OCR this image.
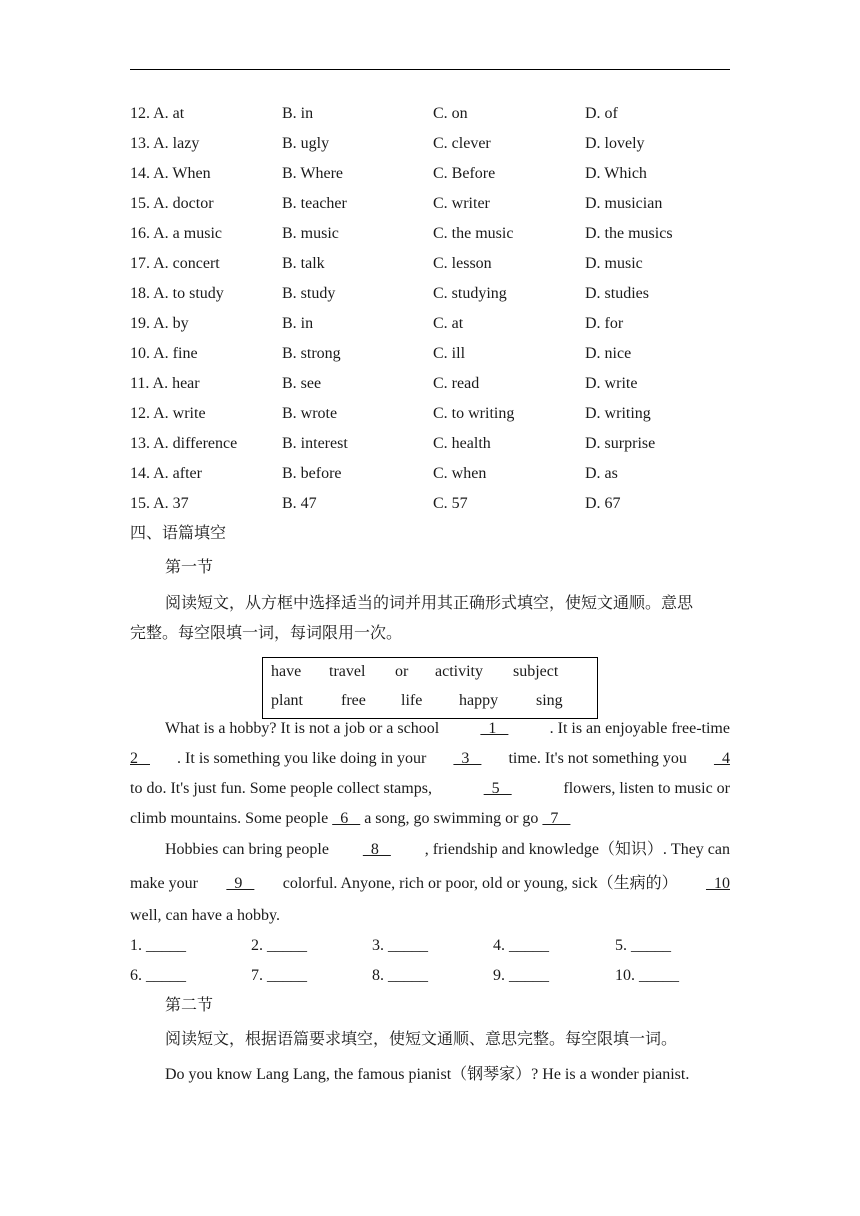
12. A. at	B. in	C. on	D. of
13. A. lazy	B. ugly	C. clever	D. lovely
14. A. When	B. Where	C. Before	D. Which
15. A. doctor	B. teacher	C. writer	D. musician
16. A. a music	B. music	C. the music	D. the musics
17. A. concert	B. talk	C. lesson	D. music
18. A. to study	B. study	C. studying	D. studies
19. A. by	B. in	C. at	D. for
10. A. fine	B. strong	C. ill	D. nice
11. A. hear	B. see	C. read	D. write
12. A. write	B. wrote	C. to writing	D. writing
13. A. difference	B. interest	C. health	D. surprise
14. A. after	B. before	C. when	D. as
15. A. 37	B. 47	C. 57	D. 67
四、语篇填空
第一节
阅读短文，从方框中选择适当的词并用其正确形式填空，使短文通顺。意思
完整。每空限填一词，每词限用一次。
have travel or activity subject
plant free life happy sing
What is a hobby? It is not a job or a school	1	. It is an enjoyable free-time
2 . It is something you like doing in your 3 time. It's not something you 4
to do. It's just fun. Some people collect stamps,	5	flowers, listen to music or
climb mountains. Some people   6    a song, go swimming or go   7
Hobbies can bring people 8 , friendship and knowledge（知识）. They can
make your 9 colorful. Anyone, rich or poor, old or young, sick（生病的） 10
well, can have a hobby.
1. _____	2. _____	3. _____	4. _____	5. _____
6. _____	7. _____	8. _____	9. _____	10. _____
第二节
阅读短文，根据语篇要求填空，使短文通顺、意思完整。每空限填一词。
Do you know Lang Lang, the famous pianist（钢琴家）? He is a wonder pianist.
